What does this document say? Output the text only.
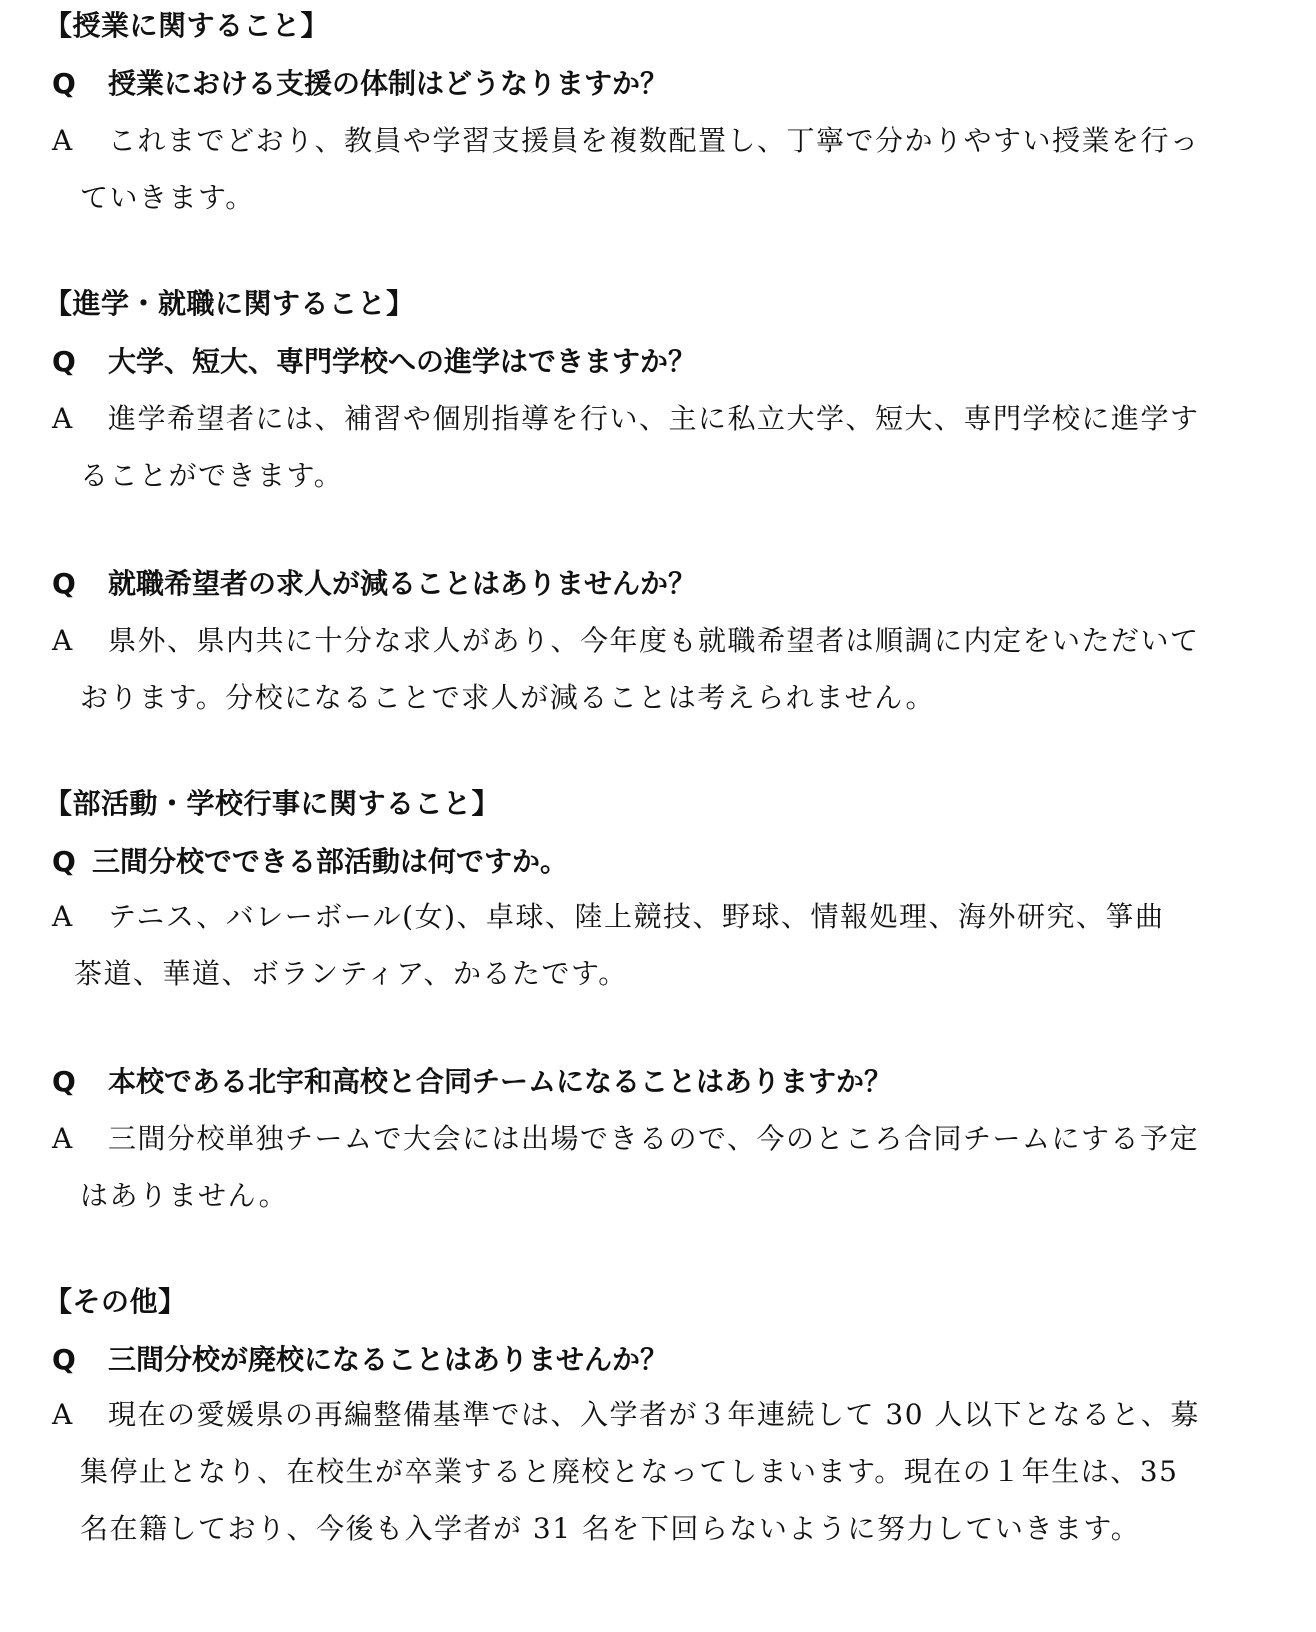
【授業に関すること】
Q 授業における支援の体制はどうなりますか？
A これまでどおり、教員や学習支援員を複数配置し、丁寧で分かりやすい授業を行っ
ていきます。
【進学・就職に関すること】
Q 大学、短大、専門学校への進学はできますか？
A 進学希望者には、補習や個別指導を行い、主に私立大学、短大、専門学校に進学す
ることができます。
Q 就職希望者の求人が減ることはありませんか？
A 県外、県内共に十分な求人があり、今年度も就職希望者は順調に内定をいただいて
おります。分校になることで求人が減ることは考えられません。
【部活動・学校行事に関すること】
Q 三間分校でできる部活動は何ですか。
A テニス、バレーボール(女)、卓球、陸上競技、野球、情報処理、海外研究、箏曲
茶道、華道、ボランティア、かるたです。
Q 本校である北宇和高校と合同チームになることはありますか？
A 三間分校単独チームで大会には出場できるので、今のところ合同チームにする予定
はありません。
【その他】
Q 三間分校が廃校になることはありませんか？
A 現在の愛媛県の再編整備基準では、入学者が３年連続して 30 人以下となると、募
集停止となり、在校生が卒業すると廃校となってしまいます。現在の１年生は、35
名在籍しており、今後も入学者が 31 名を下回らないように努力していきます。
